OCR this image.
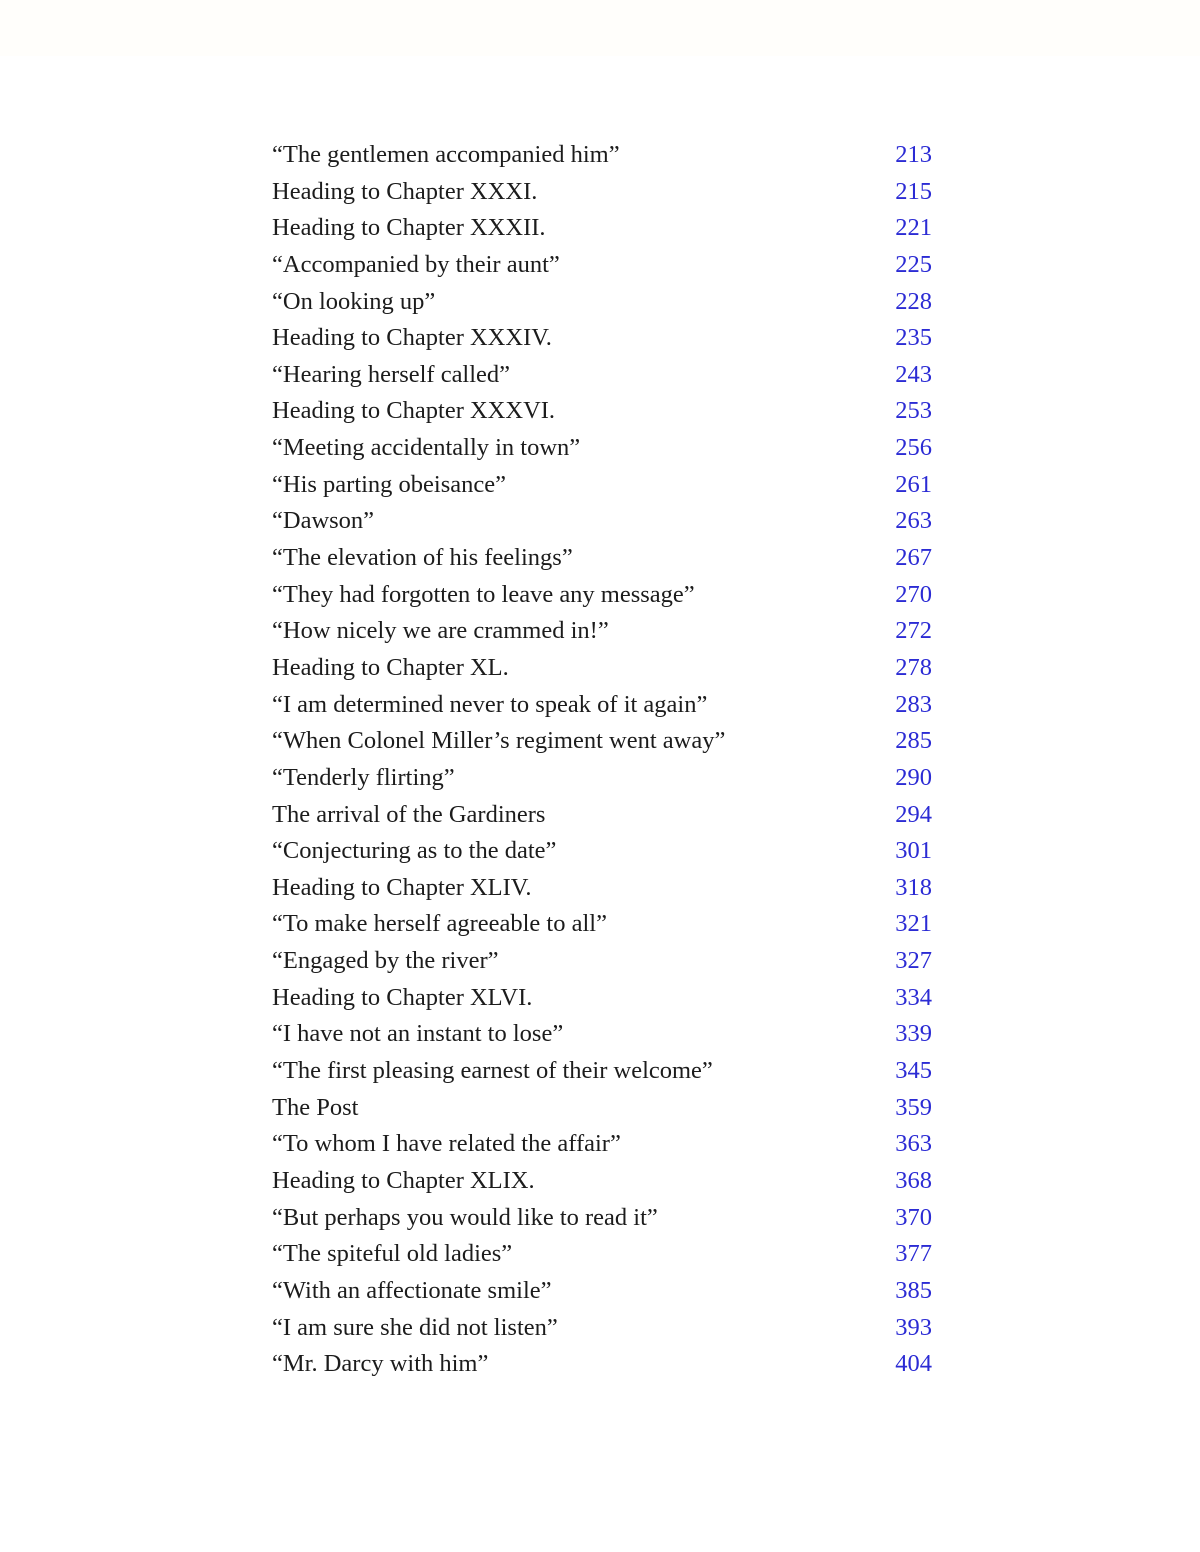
“The gentlemen accompanied him”	213
Heading to Chapter XXXI.	215
Heading to Chapter XXXII.	221
“Accompanied by their aunt”	225
“On looking up”	228
Heading to Chapter XXXIV.	235
“Hearing herself called”	243
Heading to Chapter XXXVI.	253
“Meeting accidentally in town”	256
“His parting obeisance”	261
“Dawson”	263
“The elevation of his feelings”	267
“They had forgotten to leave any message”	270
“How nicely we are crammed in!”	272
Heading to Chapter XL.	278
“I am determined never to speak of it again”	283
“When Colonel Miller’s regiment went away”	285
“Tenderly flirting”	290
The arrival of the Gardiners	294
“Conjecturing as to the date”	301
Heading to Chapter XLIV.	318
“To make herself agreeable to all”	321
“Engaged by the river”	327
Heading to Chapter XLVI.	334
“I have not an instant to lose”	339
“The first pleasing earnest of their welcome”	345
The Post	359
“To whom I have related the affair”	363
Heading to Chapter XLIX.	368
“But perhaps you would like to read it”	370
“The spiteful old ladies”	377
“With an affectionate smile”	385
“I am sure she did not listen”	393
“Mr. Darcy with him”	404
